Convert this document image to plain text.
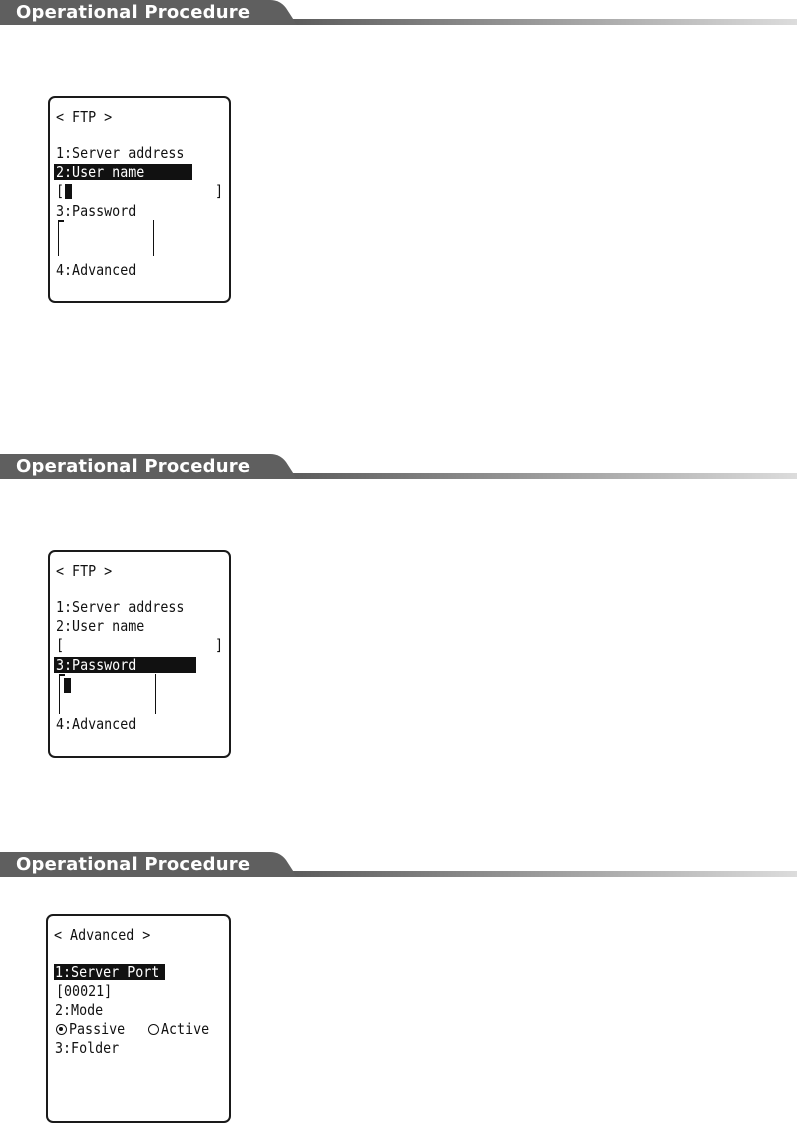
Operational Procedure
< FTP >
1:Server address
2:User name
[	]
3:Password
4:Advanced
Operational Procedure
< FTP >
1:Server address
2:User name
[	]
3:Password
4:Advanced
Operational Procedure
< Advanced >
1:Server Port
[00021]
2:Mode
Passive Active
3:Folder
